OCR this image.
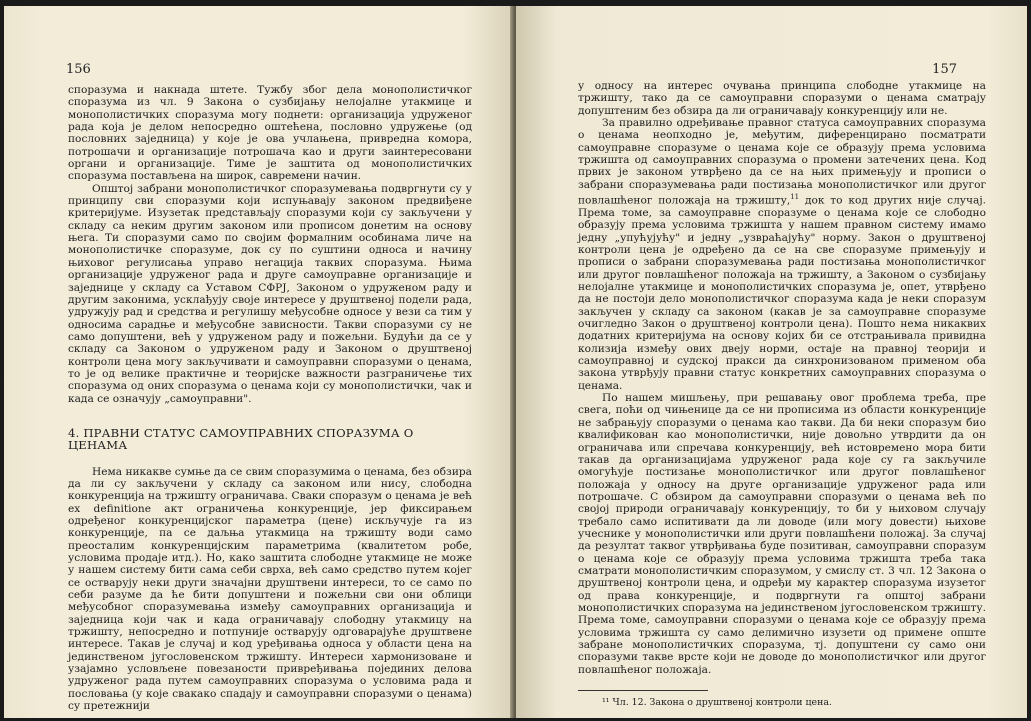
156

споразума и накнада штете. Тужбу због дела монополистичког споразума из чл. 9 Закона о сузбијању нелојалне утакмице и монополистичких споразума могу поднети: организација удруженог рада која је делом непосредно оштећена, пословно удружење (од пословних заједница) у које је ова учлањена, привредна комора, потрошачи и организације потрошача као и други заинтересовани органи и организације. Тиме је заштита од монополистичких споразума постављена на широк, савремени начин.

Општој забрани монополистичког споразумевања подвргнути су у принципу сви споразуми који испуњавају законом предвиђене критеријуме. Изузетак представљају споразуми који су закључени у складу са неким другим законом или прописом донетим на основу њега. Ти споразуми само по својим формалним особинама личе на монополистичке споразуме, док су по суштини односа и начину њиховог регулисања управо негација таквих споразума. Њима организације удруженог рада и друге самоуправне организације и заједнице у складу са Уставом СФРЈ, Законом о удруженом раду и другим законима, усклађују своје интересе у друштвеној подели рада, удружују рад и средства и регулишу међусобне односе у вези са тим у односима сарадње и међусобне зависности. Такви споразуми су не само допуштени, већ у удруженом раду и пожељни. Будући да се у складу са Законом о удруженом раду и Законом о друштвеној контроли цена могу закључивати и самоуправни споразуми о ценама, то је од велике практичне и теоријске важности разграничење тих споразума од оних споразума о ценама који су монополистички, чак и када се означују „самоуправни".

4. ПРАВНИ СТАТУС САМОУПРАВНИХ СПОРАЗУМА О ЦЕНАМА

Нема никакве сумње да се свим споразумима о ценама, без обзира да ли су закључени у складу са законом или нису, слободна конкуренција на тржишту ограничава. Сваки споразум о ценама је већ ex definitione акт ограничења конкуренције, јер фиксирањем одређеног конкуренцијског параметра (цене) искључује га из конкуренције, па се даљња утакмица на тржишту води само преосталим конкуренцијским параметрима (квалитетом робе, условима продаје итд.). Но, како заштита слободне утакмице не може у нашем систему бити сама себи сврха, већ само средство путем којег се остварују неки други значајни друштвени интереси, то се само по себи разуме да ће бити допуштени и пожељни сви они облици међусобног споразумевања између самоуправних организација и заједница који чак и када ограничавају слободну утакмицу на тржишту, непосредно и потпуније остварују одговарајуће друштвене интересе. Такав је случај и код уређивања односа у области цена на јединственом југословенском тржишту. Интереси хармонизоване и узајамно условљене повезаности привређивања појединих делова удруженог рада путем самоуправних споразума о условима рада и пословања (у које свакако спадају и самоуправни споразуми о ценама) су претежнији

157

у односу на интерес очувања принципа слободне утакмице на тржишту, тако да се самоуправни споразуми о ценама сматрају допуштеним без обзира да ли ограничавају конкуренцију или не.

За правилно одређивање правног статуса самоуправних споразума о ценама неопходно је, међутим, диференцирано посматрати самоуправне споразуме о ценама које се образују према условима тржишта од самоуправних споразума о промени затечених цена. Код првих је законом утврђено да се на њих примењују и прописи о забрани споразумевања ради постизања монополистичког или другог повлашћеног положаја на тржишту,$^{11}$ док то код других није случај. Према томе, за самоуправне споразуме о ценама које се слободно образују према условима тржишта у нашем правном систему имамо једну „упућујућу" и једну „узвраћајућу" норму. Закон о друштвеној контроли цена је одређено да се на све споразуме примењују и прописи о забрани споразумевања ради постизања монополистичког или другог повлашћеног положаја на тржишту, а Законом о сузбијању нелојалне утакмице и монополистичких споразума је, опет, утврђено да не постоји дело монополистичког споразума када је неки споразум закључен у складу са законом (какав је за самоуправне споразуме очигледно Закон о друштвеној контроли цена). Пошто нема никаквих додатних критеријума на основу којих би се отстрањивала привидна колизија између ових двеју норми, остаје на правној теорији и самоуправној и судској пракси да синхронизованом применом оба закона утврђују правни статус конкретних самоуправних споразума о ценама.

По нашем мишљењу, при решавању овог проблема треба, пре свега, поћи од чињенице да се ни прописима из области конкуренције не забрањују споразуми о ценама као такви. Да би неки споразум био квалификован као монополистички, није довољно утврдити да он ограничава или спречава конкуренцију, већ истовремено мора бити такав да организацијама удруженог рада које су га закључиле омогућује постизање монополистичког или другог повлашћеног положаја у односу на друге организације удруженог рада или потрошаче. С обзиром да самоуправни споразуми о ценама већ по својој природи ограничавају конкуренцију, то би у њиховом случају требало само испитивати да ли доводе (или могу довести) њихове учеснике у монополистички или други повлашћени положај. За случај да резултат таквог утврђивања буде позитиван, самоуправни споразум о ценама које се образују према условима тржишта треба така сматрати монополистичким споразумом, у смислу ст. 3 чл. 12 Закона о друштвеној контроли цена, и одређи му карактер споразума изузетог од права конкуренције, и подвргнути га општој забрани монополистичких споразума на јединственом југословенском тржишту. Према томе, самоуправни споразуми о ценама које се образују према условима тржишта су само делимично изузети од примене опште забране монополистичких споразума, тј. допуштени су само они споразуми такве врсте који не доводе до монополистичког или другог повлашћеног положаја.

¹¹ Чл. 12. Закона о друштвеној контроли цена.
